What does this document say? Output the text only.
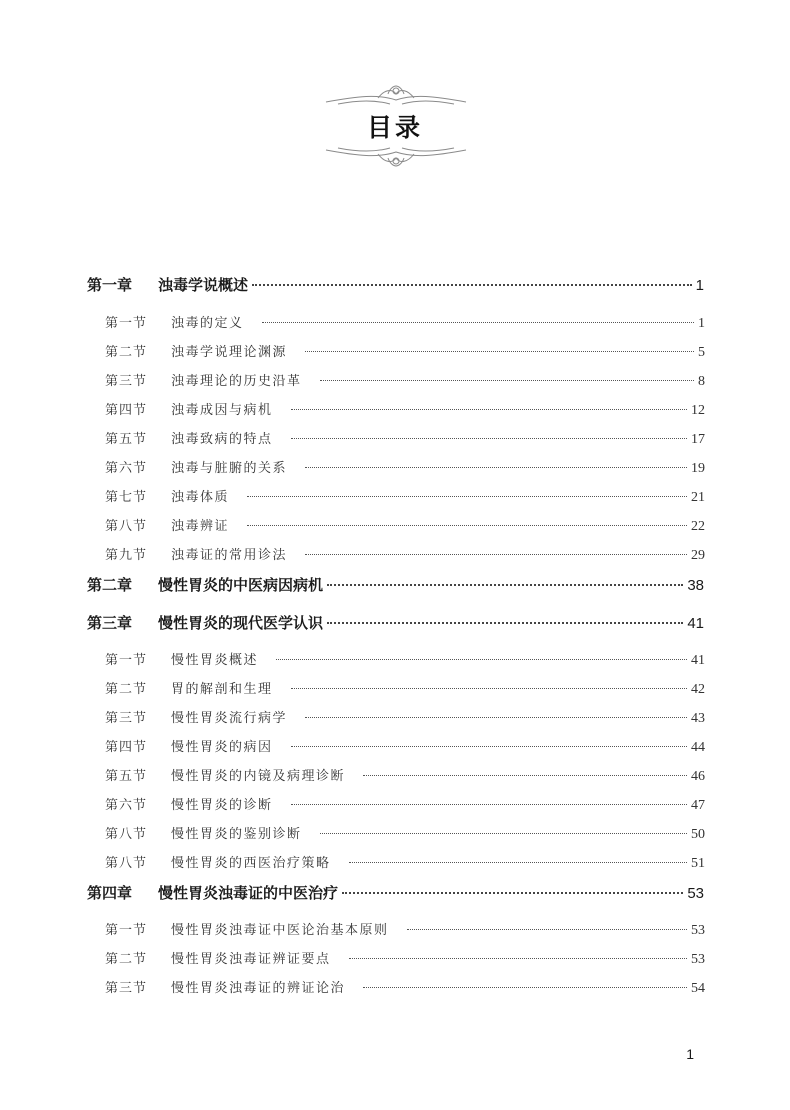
目录
第一章	浊毒学说概述	1
第一节	浊毒的定义	1
第二节	浊毒学说理论渊源	5
第三节	浊毒理论的历史沿革	8
第四节	浊毒成因与病机	12
第五节	浊毒致病的特点	17
第六节	浊毒与脏腑的关系	19
第七节	浊毒体质	21
第八节	浊毒辨证	22
第九节	浊毒证的常用诊法	29
第二章	慢性胃炎的中医病因病机	38
第三章	慢性胃炎的现代医学认识	41
第一节	慢性胃炎概述	41
第二节	胃的解剖和生理	42
第三节	慢性胃炎流行病学	43
第四节	慢性胃炎的病因	44
第五节	慢性胃炎的内镜及病理诊断	46
第六节	慢性胃炎的诊断	47
第八节	慢性胃炎的鉴别诊断	50
第八节	慢性胃炎的西医治疗策略	51
第四章	慢性胃炎浊毒证的中医治疗	53
第一节	慢性胃炎浊毒证中医论治基本原则	53
第二节	慢性胃炎浊毒证辨证要点	53
第三节	慢性胃炎浊毒证的辨证论治	54
1
